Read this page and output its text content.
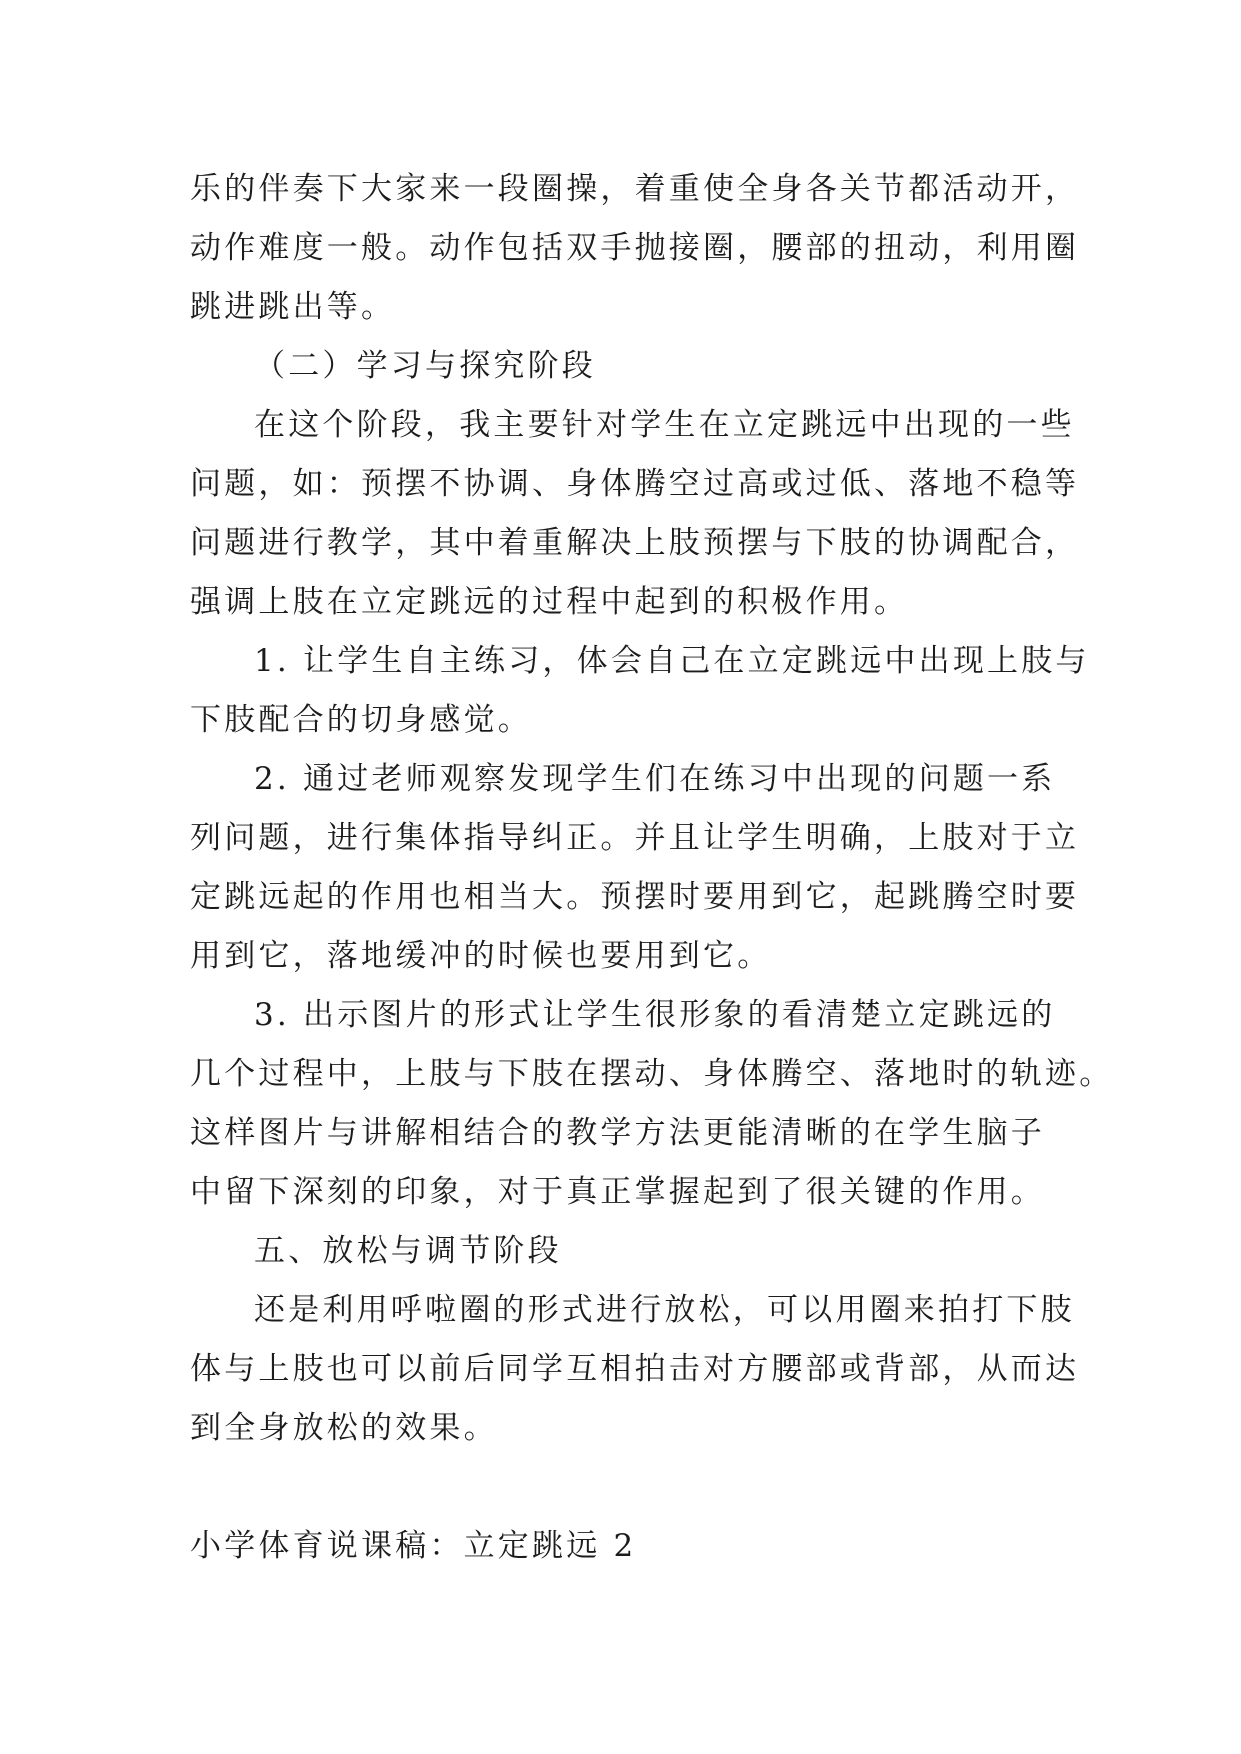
乐的伴奏下大家来一段圈操，着重使全身各关节都活动开，
动作难度一般。动作包括双手抛接圈，腰部的扭动，利用圈
跳进跳出等。
（二）学习与探究阶段
在这个阶段，我主要针对学生在立定跳远中出现的一些
问题，如：预摆不协调、身体腾空过高或过低、落地不稳等
问题进行教学，其中着重解决上肢预摆与下肢的协调配合，
强调上肢在立定跳远的过程中起到的积极作用。
1. 让学生自主练习，体会自己在立定跳远中出现上肢与
下肢配合的切身感觉。
2. 通过老师观察发现学生们在练习中出现的问题一系
列问题，进行集体指导纠正。并且让学生明确，上肢对于立
定跳远起的作用也相当大。预摆时要用到它，起跳腾空时要
用到它，落地缓冲的时候也要用到它。
3. 出示图片的形式让学生很形象的看清楚立定跳远的
几个过程中，上肢与下肢在摆动、身体腾空、落地时的轨迹。
这样图片与讲解相结合的教学方法更能清晰的在学生脑子
中留下深刻的印象，对于真正掌握起到了很关键的作用。
五、放松与调节阶段
还是利用呼啦圈的形式进行放松，可以用圈来拍打下肢
体与上肢也可以前后同学互相拍击对方腰部或背部，从而达
到全身放松的效果。
小学体育说课稿：立定跳远 2
